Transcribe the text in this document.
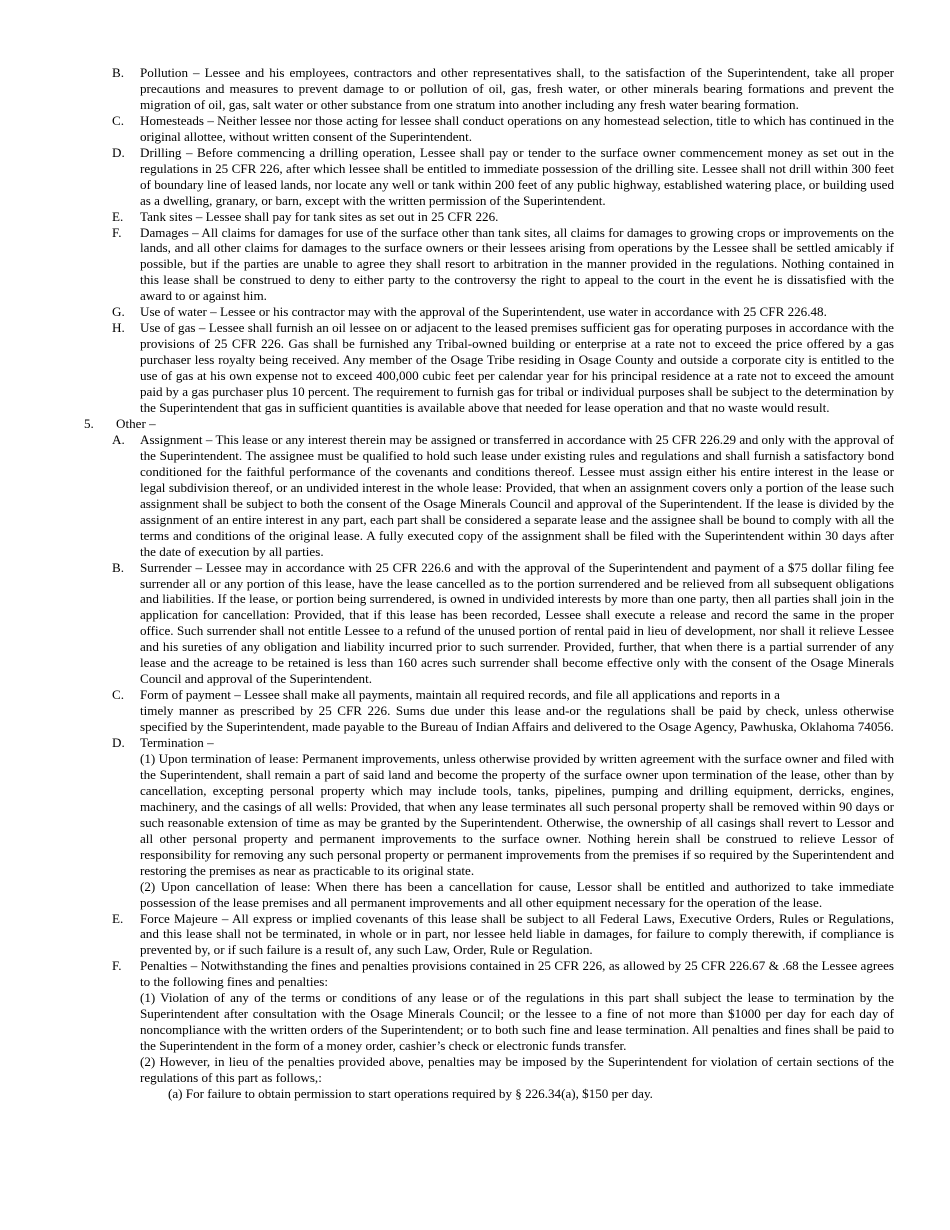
B. Pollution – Lessee and his employees, contractors and other representatives shall, to the satisfaction of the Superintendent, take all proper precautions and measures to prevent damage to or pollution of oil, gas, fresh water, or other minerals bearing formations and prevent the migration of oil, gas, salt water or other substance from one stratum into another including any fresh water bearing formation.

C. Homesteads – Neither lessee nor those acting for lessee shall conduct operations on any homestead selection, title to which has continued in the original allottee, without written consent of the Superintendent.

D. Drilling – Before commencing a drilling operation, Lessee shall pay or tender to the surface owner commencement money as set out in the regulations in 25 CFR 226, after which lessee shall be entitled to immediate possession of the drilling site. Lessee shall not drill within 300 feet of boundary line of leased lands, nor locate any well or tank within 200 feet of any public highway, established watering place, or building used as a dwelling, granary, or barn, except with the written permission of the Superintendent.

E. Tank sites – Lessee shall pay for tank sites as set out in 25 CFR 226.

F. Damages – All claims for damages for use of the surface other than tank sites, all claims for damages to growing crops or improvements on the lands, and all other claims for damages to the surface owners or their lessees arising from operations by the Lessee shall be settled amicably if possible, but if the parties are unable to agree they shall resort to arbitration in the manner provided in the regulations. Nothing contained in this lease shall be construed to deny to either party to the controversy the right to appeal to the court in the event he is dissatisfied with the award to or against him.

G. Use of water – Lessee or his contractor may with the approval of the Superintendent, use water in accordance with 25 CFR 226.48.

H. Use of gas – Lessee shall furnish an oil lessee on or adjacent to the leased premises sufficient gas for operating purposes in accordance with the provisions of 25 CFR 226. Gas shall be furnished any Tribal-owned building or enterprise at a rate not to exceed the price offered by a gas purchaser less royalty being received. Any member of the Osage Tribe residing in Osage County and outside a corporate city is entitled to the use of gas at his own expense not to exceed 400,000 cubic feet per calendar year for his principal residence at a rate not to exceed the amount paid by a gas purchaser plus 10 percent. The requirement to furnish gas for tribal or individual purposes shall be subject to the determination by the Superintendent that gas in sufficient quantities is available above that needed for lease operation and that no waste would result.

5. Other –

A. Assignment – This lease or any interest therein may be assigned or transferred in accordance with 25 CFR 226.29 and only with the approval of the Superintendent. The assignee must be qualified to hold such lease under existing rules and regulations and shall furnish a satisfactory bond conditioned for the faithful performance of the covenants and conditions thereof. Lessee must assign either his entire interest in the lease or legal subdivision thereof, or an undivided interest in the whole lease: Provided, that when an assignment covers only a portion of the lease such assignment shall be subject to both the consent of the Osage Minerals Council and approval of the Superintendent. If the lease is divided by the assignment of an entire interest in any part, each part shall be considered a separate lease and the assignee shall be bound to comply with all the terms and conditions of the original lease. A fully executed copy of the assignment shall be filed with the Superintendent within 30 days after the date of execution by all parties.

B. Surrender – Lessee may in accordance with 25 CFR 226.6 and with the approval of the Superintendent and payment of a $75 dollar filing fee surrender all or any portion of this lease, have the lease cancelled as to the portion surrendered and be relieved from all subsequent obligations and liabilities. If the lease, or portion being surrendered, is owned in undivided interests by more than one party, then all parties shall join in the application for cancellation: Provided, that if this lease has been recorded, Lessee shall execute a release and record the same in the proper office. Such surrender shall not entitle Lessee to a refund of the unused portion of rental paid in lieu of development, nor shall it relieve Lessee and his sureties of any obligation and liability incurred prior to such surrender. Provided, further, that when there is a partial surrender of any lease and the acreage to be retained is less than 160 acres such surrender shall become effective only with the consent of the Osage Minerals Council and approval of the Superintendent.

C. Form of payment – Lessee shall make all payments, maintain all required records, and file all applications and reports in a

timely manner as prescribed by 25 CFR 226. Sums due under this lease and-or the regulations shall be paid by check, unless otherwise specified by the Superintendent, made payable to the Bureau of Indian Affairs and delivered to the Osage Agency, Pawhuska, Oklahoma 74056.

D. Termination –

(1) Upon termination of lease: Permanent improvements, unless otherwise provided by written agreement with the surface owner and filed with the Superintendent, shall remain a part of said land and become the property of the surface owner upon termination of the lease, other than by cancellation, excepting personal property which may include tools, tanks, pipelines, pumping and drilling equipment, derricks, engines, machinery, and the casings of all wells: Provided, that when any lease terminates all such personal property shall be removed within 90 days or such reasonable extension of time as may be granted by the Superintendent. Otherwise, the ownership of all casings shall revert to Lessor and all other personal property and permanent improvements to the surface owner. Nothing herein shall be construed to relieve Lessor of responsibility for removing any such personal property or permanent improvements from the premises if so required by the Superintendent and restoring the premises as near as practicable to its original state.

(2) Upon cancellation of lease: When there has been a cancellation for cause, Lessor shall be entitled and authorized to take immediate possession of the lease premises and all permanent improvements and all other equipment necessary for the operation of the lease.

E. Force Majeure – All express or implied covenants of this lease shall be subject to all Federal Laws, Executive Orders, Rules or Regulations, and this lease shall not be terminated, in whole or in part, nor lessee held liable in damages, for failure to comply therewith, if compliance is prevented by, or if such failure is a result of, any such Law, Order, Rule or Regulation.

F. Penalties – Notwithstanding the fines and penalties provisions contained in 25 CFR 226, as allowed by 25 CFR 226.67 & .68 the Lessee agrees to the following fines and penalties:

(1) Violation of any of the terms or conditions of any lease or of the regulations in this part shall subject the lease to termination by the Superintendent after consultation with the Osage Minerals Council; or the lessee to a fine of not more than $1000 per day for each day of noncompliance with the written orders of the Superintendent; or to both such fine and lease termination. All penalties and fines shall be paid to the Superintendent in the form of a money order, cashier’s check or electronic funds transfer.

(2) However, in lieu of the penalties provided above, penalties may be imposed by the Superintendent for violation of certain sections of the regulations of this part as follows,:

(a) For failure to obtain permission to start operations required by § 226.34(a), $150 per day.
